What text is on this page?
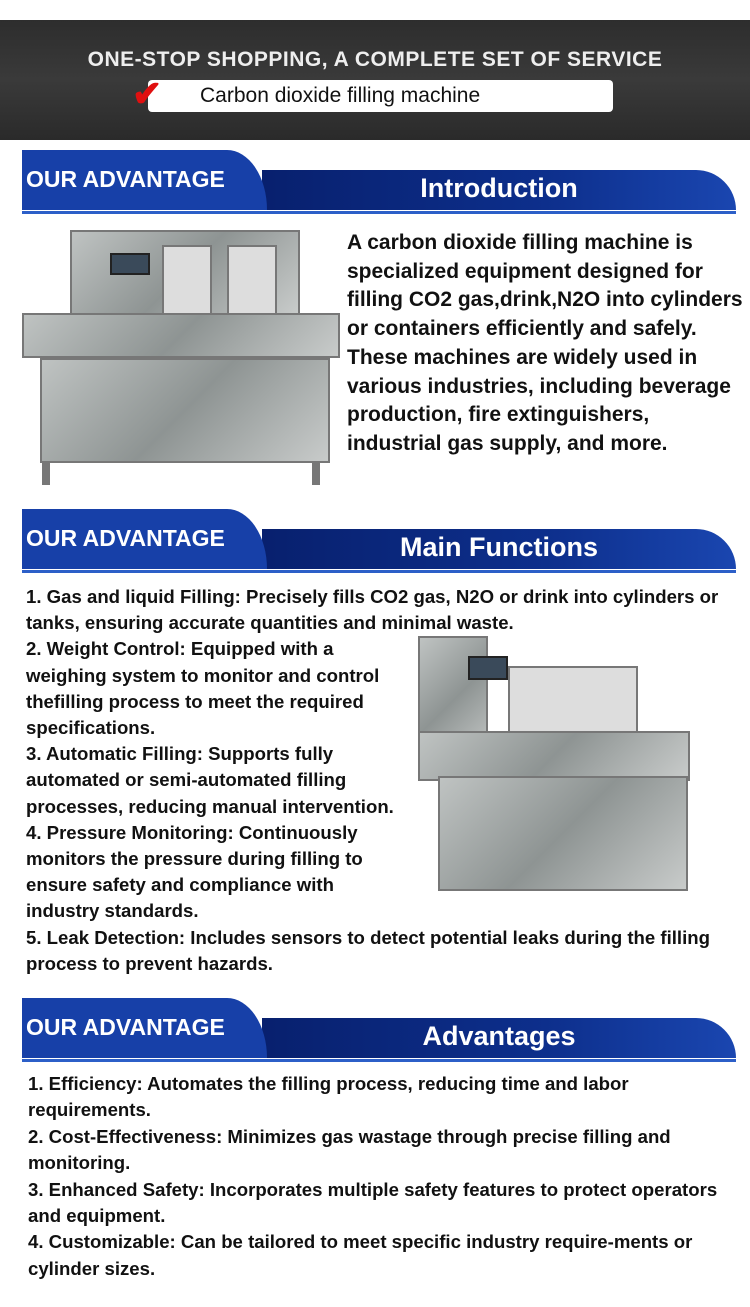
ONE-STOP SHOPPING, A COMPLETE SET OF SERVICE
Carbon dioxide filling machine
✔
Introduction
OUR ADVANTAGE
A carbon dioxide filling machine is specialized equipment designed for filling CO2 gas,drink,N2O into cylinders or containers efficiently and safely. These machines are widely used in various industries, including beverage production, fire extinguishers, industrial gas supply, and more.
Main Functions
OUR ADVANTAGE
1. Gas and liquid Filling: Precisely fills CO2 gas, N2O or drink into cylinders or tanks, ensuring accurate quantities and minimal waste.
2. Weight Control: Equipped with a weighing system to monitor and control thefilling process to meet the required specifications.
3. Automatic Filling: Supports fully automated or semi-automated filling processes, reducing manual intervention.
4. Pressure Monitoring: Continuously monitors the pressure during filling to ensure safety and compliance with industry standards.
5. Leak Detection: Includes sensors to detect potential leaks during the filling process to prevent hazards.
Advantages
OUR ADVANTAGE
1. Efficiency: Automates the filling process, reducing time and labor requirements.
2. Cost-Effectiveness: Minimizes gas wastage through precise filling and monitoring.
3. Enhanced Safety: Incorporates multiple safety features to protect operators and equipment.
4. Customizable: Can be tailored to meet specific industry require-ments or cylinder sizes.
